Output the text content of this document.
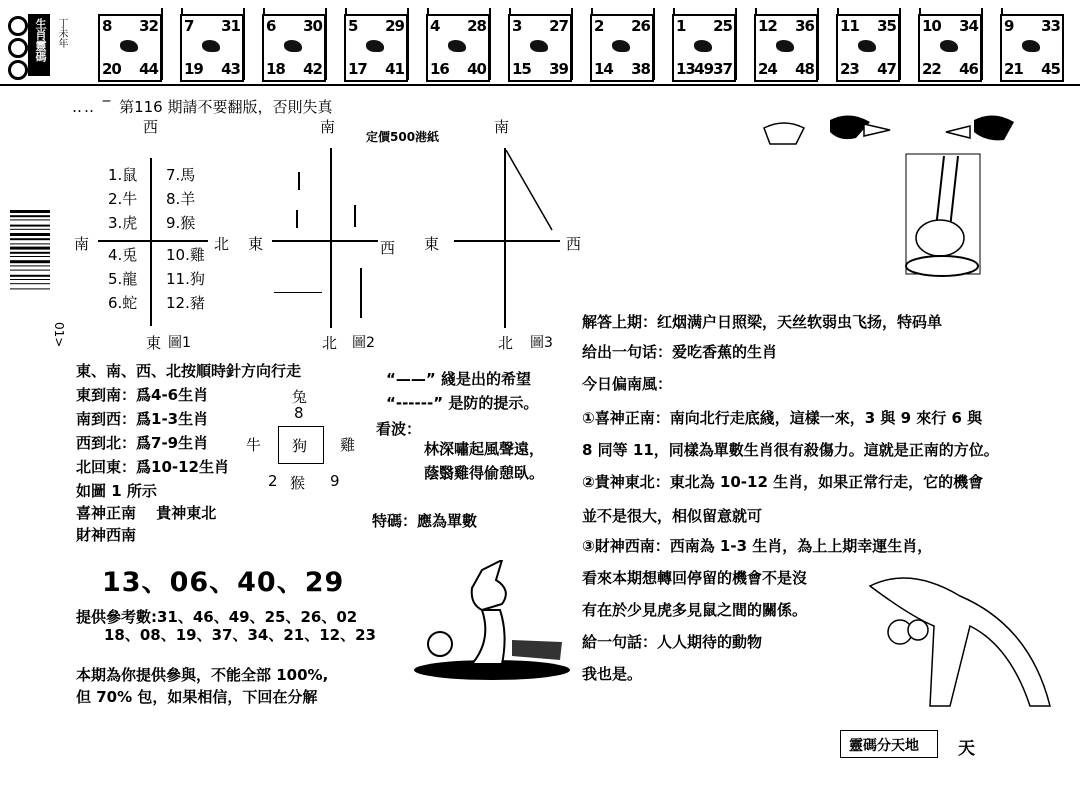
生肖靈碼 丁未年 8 32
20 44
7 31
19 43
6 30
18 42
5 29
17 41
4 28
16 40
3 27
15 39
2 26
14 38
1 25
13 4937
12 36
24 48
11 35
23 47
10 34
22 46
9 33
21 45
‥‥ ‾ 第116 期請不要翻版，否則失真
定價500港紙
西
南	北
東 圖1
1.鼠
2.牛
3.虎
4.兎
5.龍
6.蛇
7.馬
8.羊
9.猴
10.雞
11.狗
12.豬
南
東	西
北 圖2
南
東	西
北 圖3
01>
東、南、西、北按順時針方向行走
東到南：爲4-6生肖
南到西：爲1-3生肖
西到北：爲7-9生肖
北回東：爲10-12生肖
如圖 1 所示
喜神正南　 貴神東北
財神西南
兔
8
牛 狗 雞
2 猴 9
“——” 綫是出的希望
“------” 是防的提示。
看波：
林深嘯起風聲遠，
蔭翳雞得偷憩臥。
特碼：應為單數
13、06、40、29
提供參考數:31、46、49、25、26、02
18、08、19、37、34、21、12、23
本期為你提供參與，不能全部 100%,
但 70% 包，如果相信，下回在分解
解答上期：红烟满户日照梁，天丝软弱虫飞扬，特码单
给出一句话：爱吃香蕉的生肖
今日偏南風：
①喜神正南：南向北行走底綫，這樣一來，3 與 9 來行 6 與
8 同等 11，同樣為單數生肖很有殺傷力。這就是正南的方位。
②貴神東北：東北為 10-12 生肖，如果正常行走，它的機會
並不是很大，相似留意就可
③財神西南：西南為 1-3 生肖，為上上期幸運生肖，
看來本期想轉回停留的機會不是沒
有在於少見虎多見鼠之間的關係。
給一句話：人人期待的動物
我也是。
靈碼分天地 天
